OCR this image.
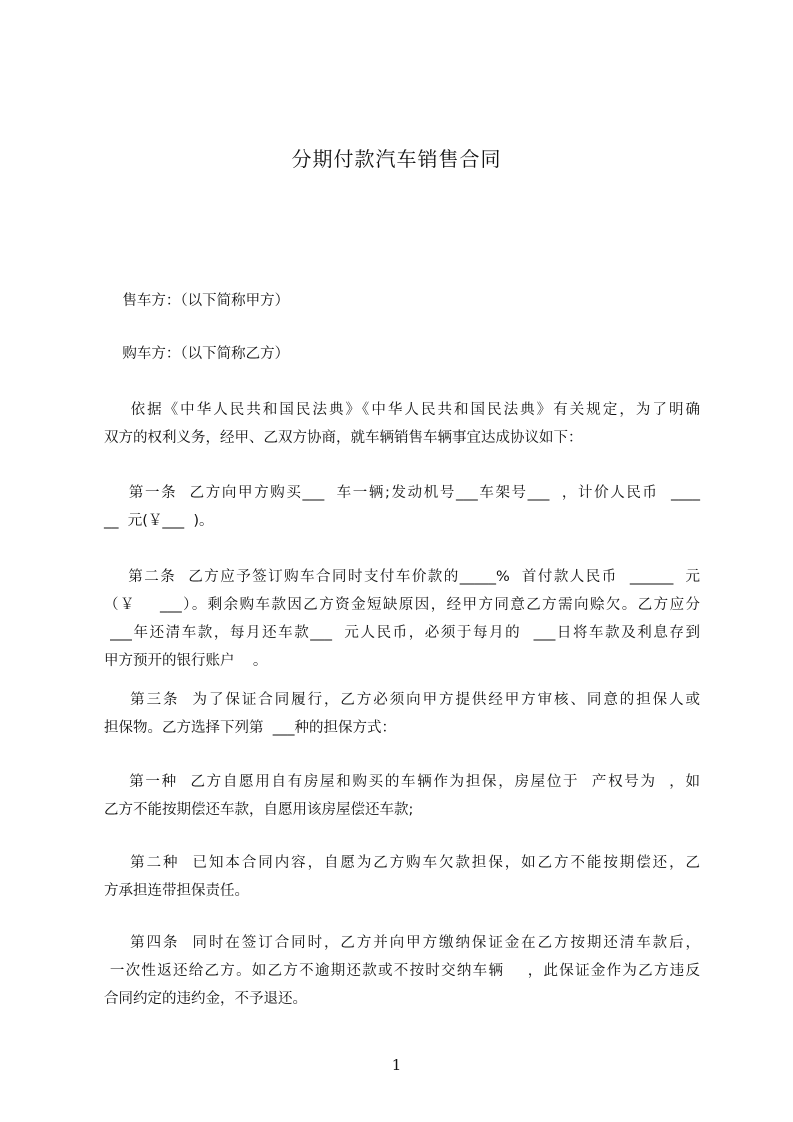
分期付款汽车销售合同
售车方：（以下简称甲方）
购车方：（以下简称乙方）
依据《中华人民共和国民法典》《中华人民共和国民法典》有关规定，为了明确
双方的权利义务，经甲、乙双方协商，就车辆销售车辆事宜达成协议如下：
第一条  乙方向甲方购买___  车一辆;发动机号___车架号___  ，计价人民币  ____
__  元(￥___  )。
第二条  乙方应予签订购车合同时支付车价款的_____%  首付款人民币  ______  元
（￥    ___）。剩余购车款因乙方资金短缺原因，经甲方同意乙方需向赊欠。乙方应分
___年还清车款，每月还车款___  元人民币，必须于每月的  ___日将车款及利息存到
甲方预开的银行账户    。
第三条  为了保证合同履行，乙方必须向甲方提供经甲方审核、同意的担保人或
担保物。乙方选择下列第  ___种的担保方式：
第一种  乙方自愿用自有房屋和购买的车辆作为担保，房屋位于  产权号为  ，如
乙方不能按期偿还车款，自愿用该房屋偿还车款;
第二种  已知本合同内容，自愿为乙方购车欠款担保，如乙方不能按期偿还，乙
方承担连带担保责任。
第四条  同时在签订合同时，乙方并向甲方缴纳保证金在乙方按期还清车款后，
一次性返还给乙方。如乙方不逾期还款或不按时交纳车辆    ，此保证金作为乙方违反
合同约定的违约金，不予退还。
1
